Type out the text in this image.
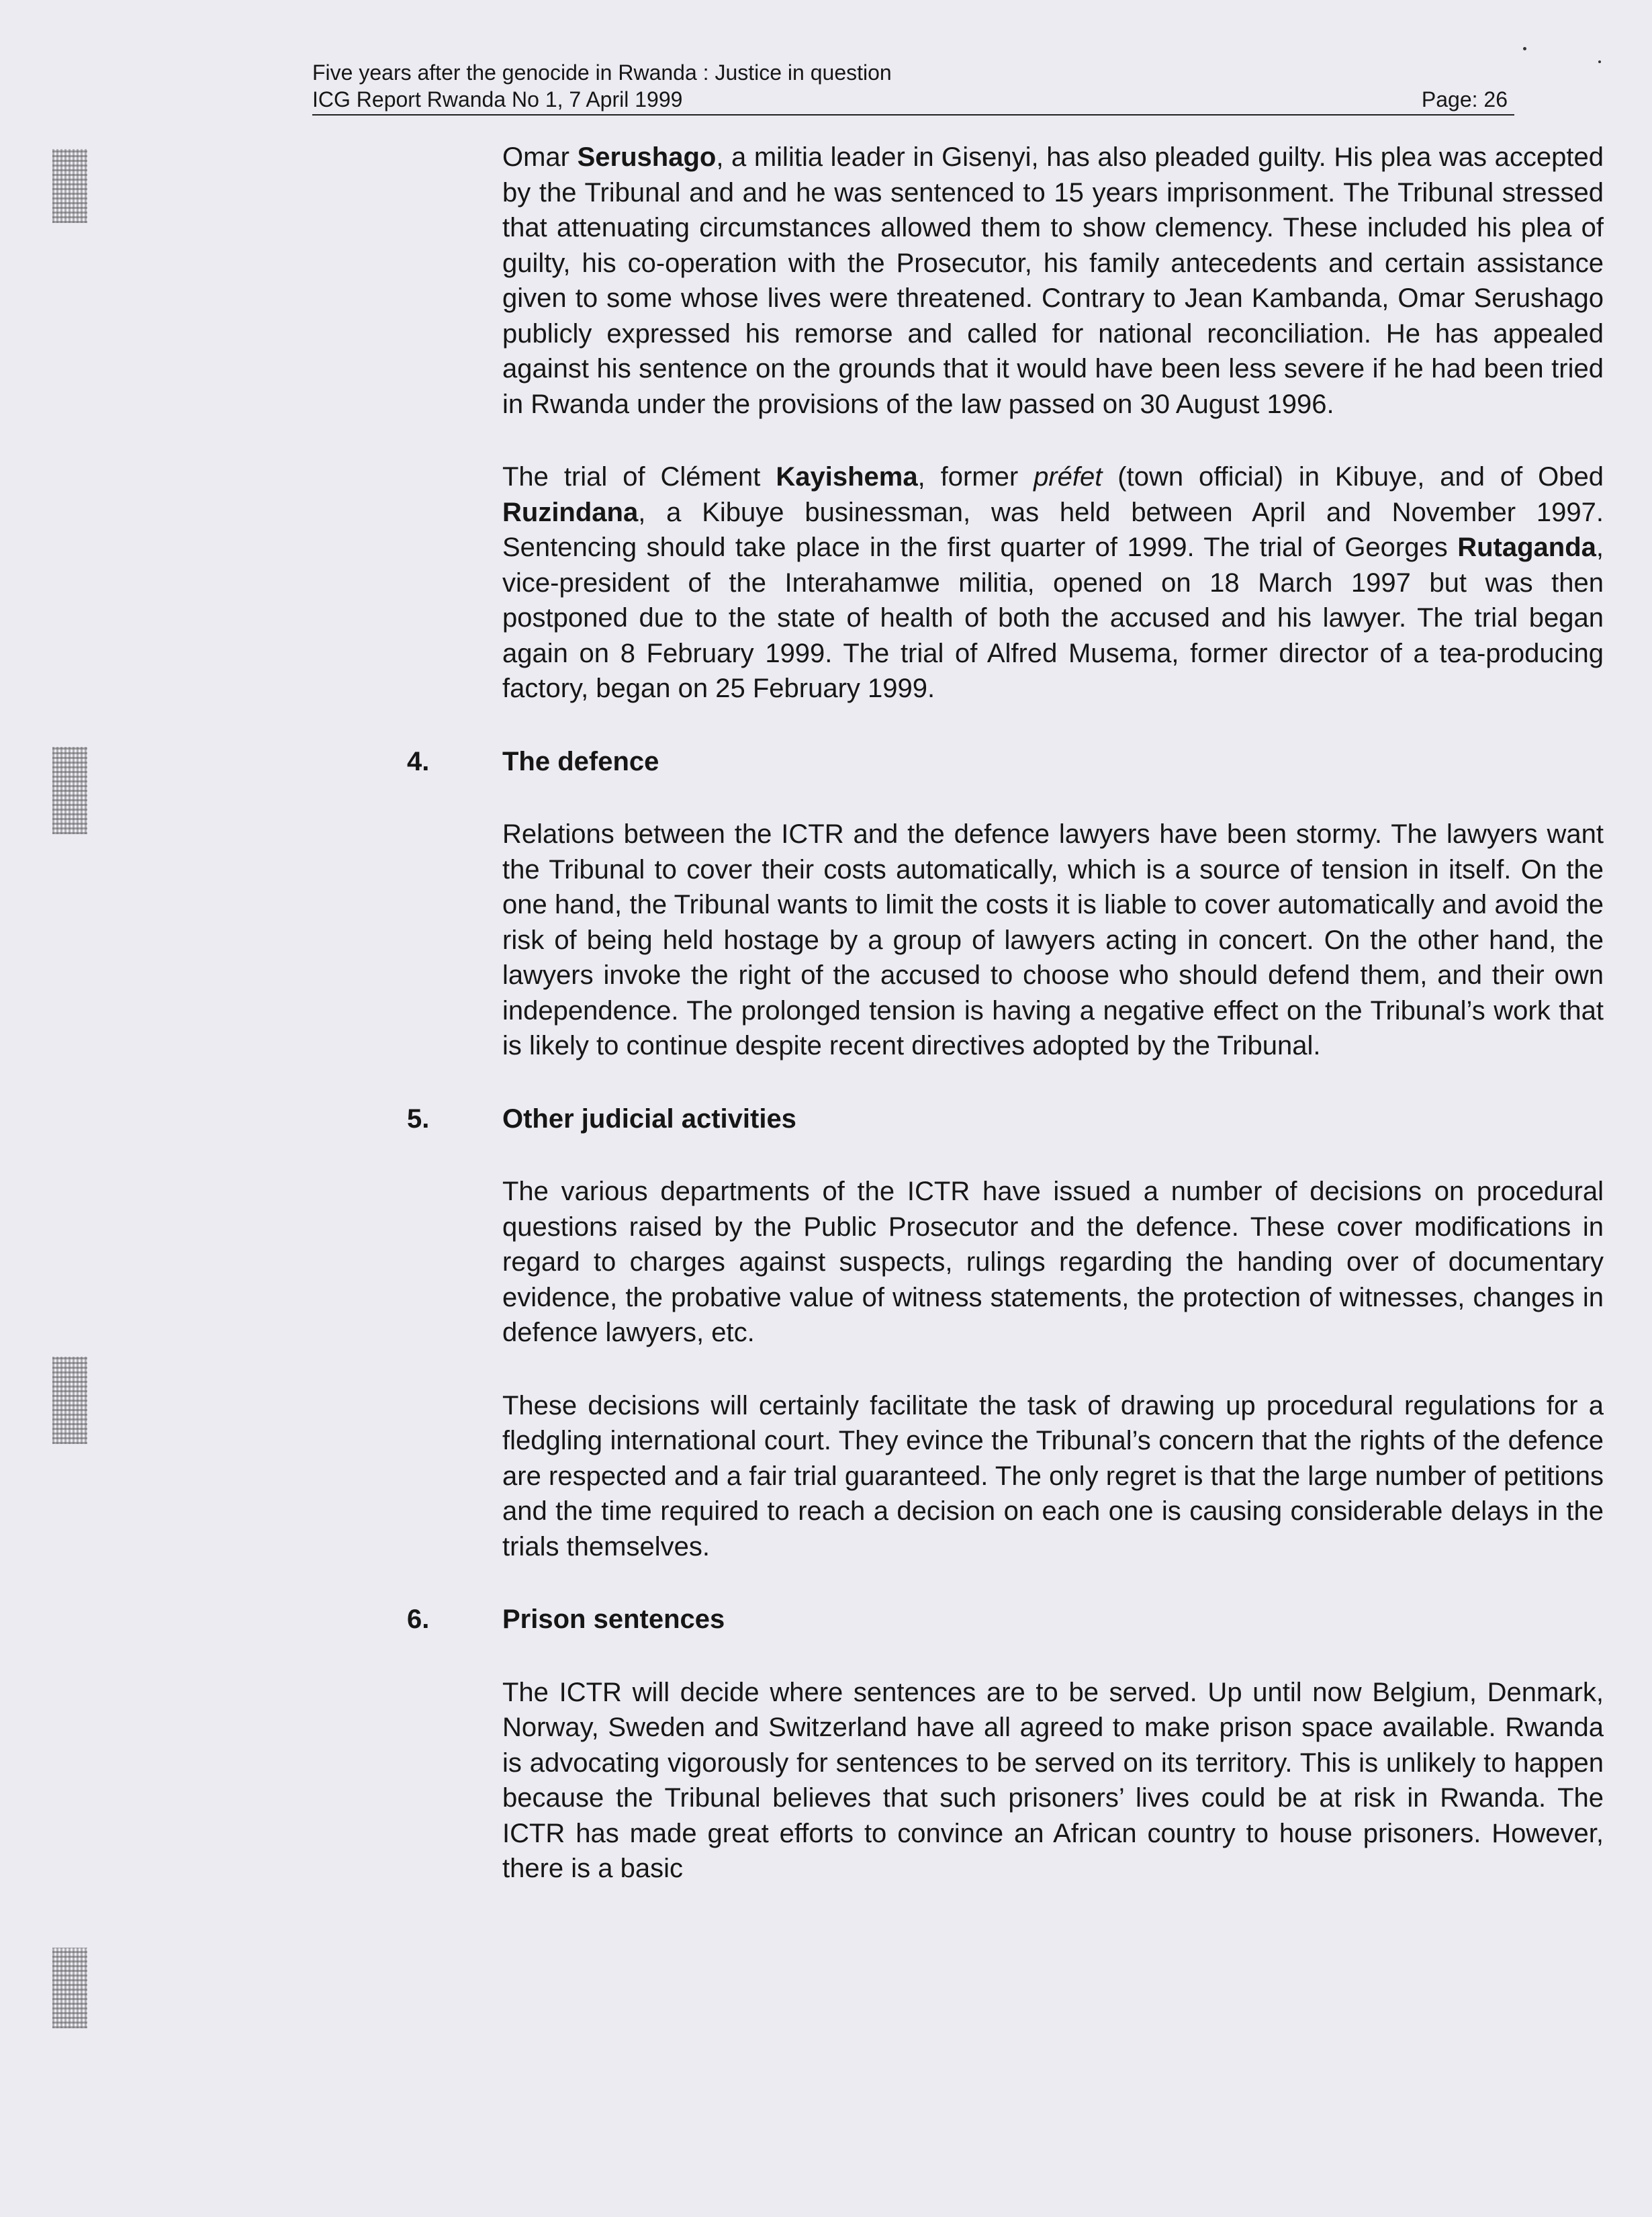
Five years after the genocide in Rwanda : Justice in question
ICG Report Rwanda No 1, 7 April 1999	Page: 26

Omar Serushago, a militia leader in Gisenyi, has also pleaded guilty. His plea was accepted by the Tribunal and and he was sentenced to 15 years imprisonment. The Tribunal stressed that attenuating circumstances allowed them to show clemency. These included his plea of guilty, his co-operation with the Prosecutor, his family antecedents and certain assistance given to some whose lives were threatened. Contrary to Jean Kambanda, Omar Serushago publicly expressed his remorse and called for national reconciliation. He has appealed against his sentence on the grounds that it would have been less severe if he had been tried in Rwanda under the provisions of the law passed on 30 August 1996.

The trial of Clément Kayishema, former préfet (town official) in Kibuye, and of Obed Ruzindana, a Kibuye businessman, was held between April and November 1997. Sentencing should take place in the first quarter of 1999. The trial of Georges Rutaganda, vice-president of the Interahamwe militia, opened on 18 March 1997 but was then postponed due to the state of health of both the accused and his lawyer. The trial began again on 8 February 1999. The trial of Alfred Musema, former director of a tea-producing factory, began on 25 February 1999.

4.	The defence

Relations between the ICTR and the defence lawyers have been stormy. The lawyers want the Tribunal to cover their costs automatically, which is a source of tension in itself. On the one hand, the Tribunal wants to limit the costs it is liable to cover automatically and avoid the risk of being held hostage by a group of lawyers acting in concert. On the other hand, the lawyers invoke the right of the accused to choose who should defend them, and their own independence. The prolonged tension is having a negative effect on the Tribunal’s work that is likely to continue despite recent directives adopted by the Tribunal.

5.	Other judicial activities

The various departments of the ICTR have issued a number of decisions on procedural questions raised by the Public Prosecutor and the defence. These cover modifications in regard to charges against suspects, rulings regarding the handing over of documentary evidence, the probative value of witness statements, the protection of witnesses, changes in defence lawyers, etc.

These decisions will certainly facilitate the task of drawing up procedural regulations for a fledgling international court. They evince the Tribunal’s concern that the rights of the defence are respected and a fair trial guaranteed. The only regret is that the large number of petitions and the time required to reach a decision on each one is causing considerable delays in the trials themselves.

6.	Prison sentences

The ICTR will decide where sentences are to be served. Up until now Belgium, Denmark, Norway, Sweden and Switzerland have all agreed to make prison space available. Rwanda is advocating vigorously for sentences to be served on its territory. This is unlikely to happen because the Tribunal believes that such prisoners’ lives could be at risk in Rwanda. The ICTR has made great efforts to convince an African country to house prisoners. However, there is a basic
